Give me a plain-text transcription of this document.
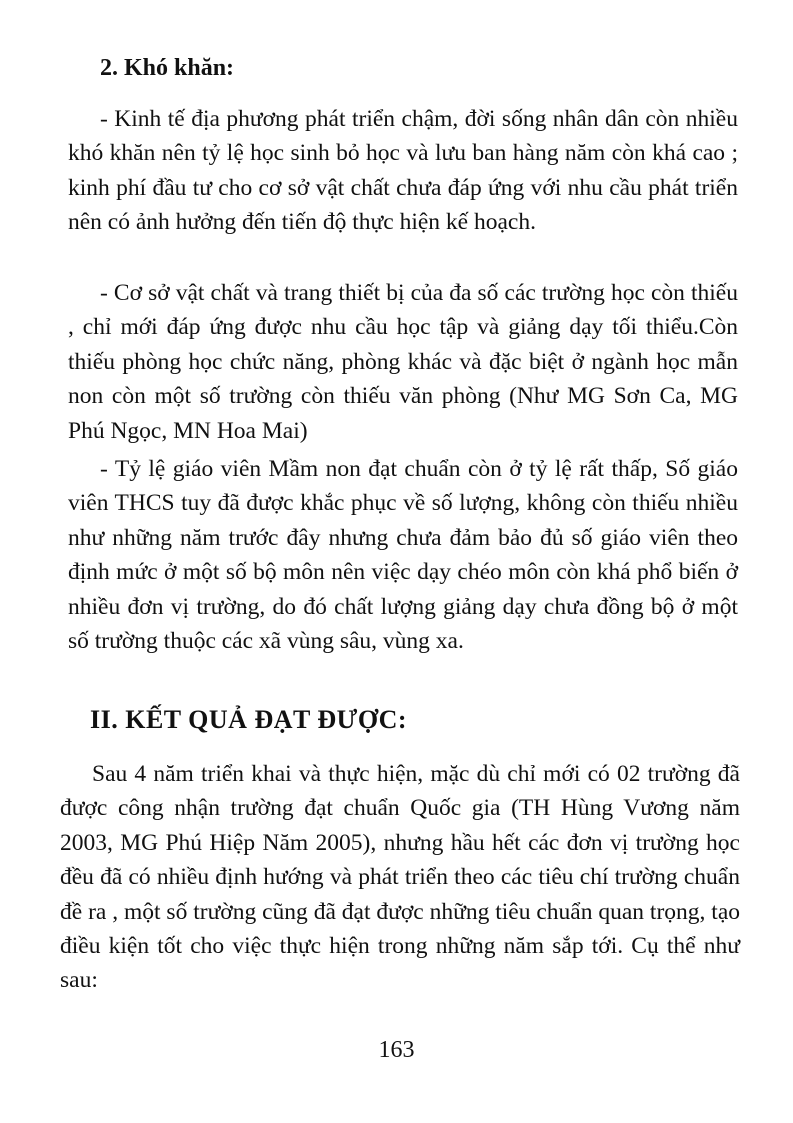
2. Khó khăn:

- Kinh tế địa phương phát triển chậm, đời sống nhân dân còn nhiều khó khăn nên tỷ lệ học sinh bỏ học và lưu ban hàng năm còn khá cao ; kinh phí đầu tư cho cơ sở vật chất chưa đáp ứng với nhu cầu phát triển nên có ảnh hưởng đến tiến độ thực hiện kế hoạch.

- Cơ sở vật chất và trang thiết bị của đa số các trường học còn thiếu , chỉ mới đáp ứng được nhu cầu học tập và giảng dạy tối thiểu.Còn thiếu phòng học chức năng, phòng khác và đặc biệt ở ngành học mẫn non còn một số trường còn thiếu văn phòng (Như MG Sơn Ca, MG Phú Ngọc, MN Hoa Mai)

- Tỷ lệ giáo viên Mầm non đạt chuẩn còn ở tỷ lệ rất thấp, Số giáo viên THCS tuy đã được khắc phục về số lượng, không còn thiếu nhiều như những năm trước đây nhưng chưa đảm bảo đủ số giáo viên theo định mức ở một số bộ môn nên việc dạy chéo môn còn khá phổ biến ở nhiều đơn vị trường, do đó chất lượng giảng dạy chưa đồng bộ ở một số trường thuộc các xã vùng sâu, vùng xa.

II. KẾT QUẢ ĐẠT ĐƯỢC:

Sau 4 năm triển khai và thực hiện, mặc dù chỉ mới có 02 trường đã được công nhận trường đạt chuẩn Quốc gia (TH Hùng Vương năm 2003, MG Phú Hiệp Năm 2005), nhưng hầu hết các đơn vị trường học đều đã có nhiều định hướng và phát triển theo các tiêu chí trường chuẩn đề ra , một số trường cũng đã đạt được những tiêu chuẩn quan trọng, tạo điều kiện tốt cho việc thực hiện trong những năm sắp tới. Cụ thể như sau:

163
